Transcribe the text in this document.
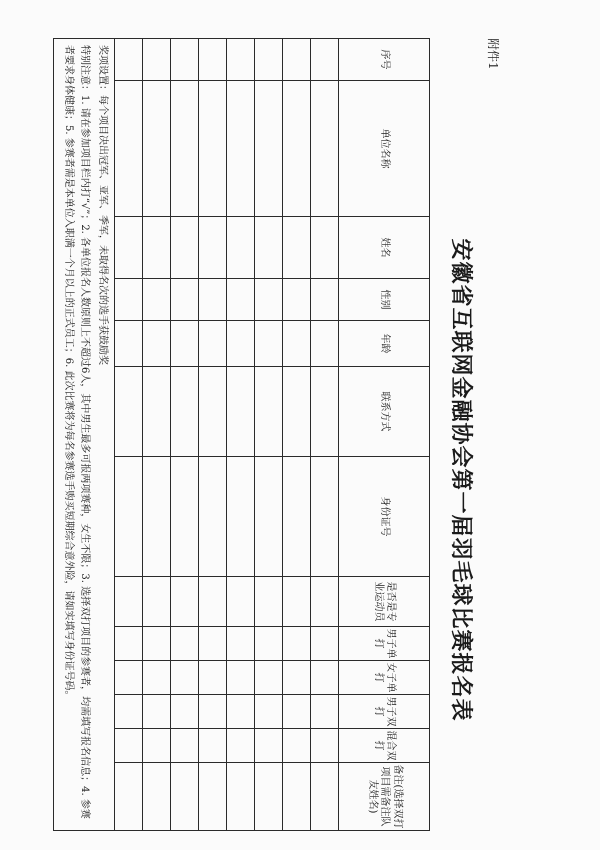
附件1
安徽省互联网金融协会第一届羽毛球比赛报名表
序号	单位名称	姓名	性别	年龄	联系方式	身份证号	是否是专业运动员	男子单打	女子单打	男子双打	混合双打	备注(选择双打项目需备注队友姓名)

奖项设置：每个项目决出冠军、亚军、季军，未取得名次的选手获鼓励奖

特别注意：1. 请在参加项目栏内打“√”；2. 各单位报名人数原则上不超过6人，其中男生最多可报两项赛种，女生不限；3. 选择双打项目的参赛者，均需填写报名信息；4. 参赛者要求身体健康；5. 参赛者需是本单位入职满一个月以上的正式员工；6. 此次比赛将为每名参赛选手购买短期综合意外险，请如实填写身份证号码。												
